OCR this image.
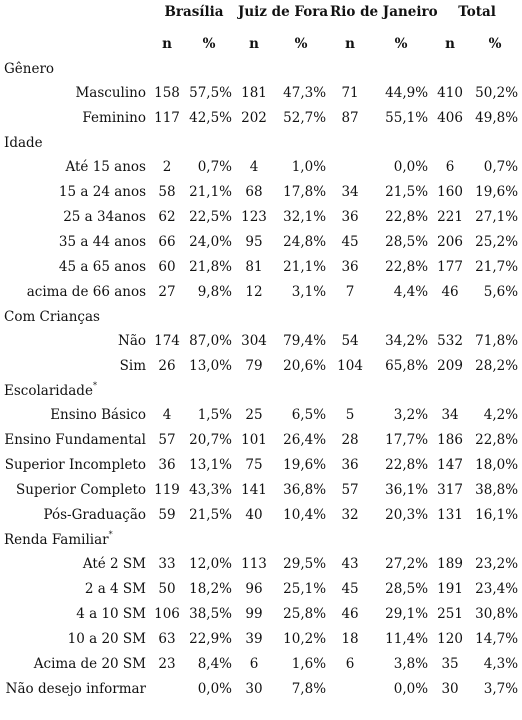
	Brasília		Juiz de Fora		Rio de Janeiro		Total	
	n	%	n	%	n	%	n	%
Gênero								
Masculino	158	57,5%	181	47,3%	71	44,9%	410	50,2%
Feminino	117	42,5%	202	52,7%	87	55,1%	406	49,8%
Idade								
Até 15 anos	2	0,7%	4	1,0%		0,0%	6	0,7%
15 a 24 anos	58	21,1%	68	17,8%	34	21,5%	160	19,6%
25 a 34anos	62	22,5%	123	32,1%	36	22,8%	221	27,1%
35 a 44 anos	66	24,0%	95	24,8%	45	28,5%	206	25,2%
45 a 65 anos	60	21,8%	81	21,1%	36	22,8%	177	21,7%
acima de 66 anos	27	9,8%	12	3,1%	7	4,4%	46	5,6%
Com Crianças								
Não	174	87,0%	304	79,4%	54	34,2%	532	71,8%
Sim	26	13,0%	79	20,6%	104	65,8%	209	28,2%
Escolaridade*
Ensino Básico	4	1,5%	25	6,5%	5	3,2%	34	4,2%
Ensino Fundamental	57	20,7%	101	26,4%	28	17,7%	186	22,8%
Superior Incompleto	36	13,1%	75	19,6%	36	22,8%	147	18,0%
Superior Completo	119	43,3%	141	36,8%	57	36,1%	317	38,8%
Pós-Graduação	59	21,5%	40	10,4%	32	20,3%	131	16,1%
Renda Familiar*
Até 2 SM	33	12,0%	113	29,5%	43	27,2%	189	23,2%
2 a 4 SM	50	18,2%	96	25,1%	45	28,5%	191	23,4%
4 a 10 SM	106	38,5%	99	25,8%	46	29,1%	251	30,8%
10 a 20 SM	63	22,9%	39	10,2%	18	11,4%	120	14,7%
Acima de 20 SM	23	8,4%	6	1,6%	6	3,8%	35	4,3%
Não desejo informar		0,0%	30	7,8%		0,0%	30	3,7%
